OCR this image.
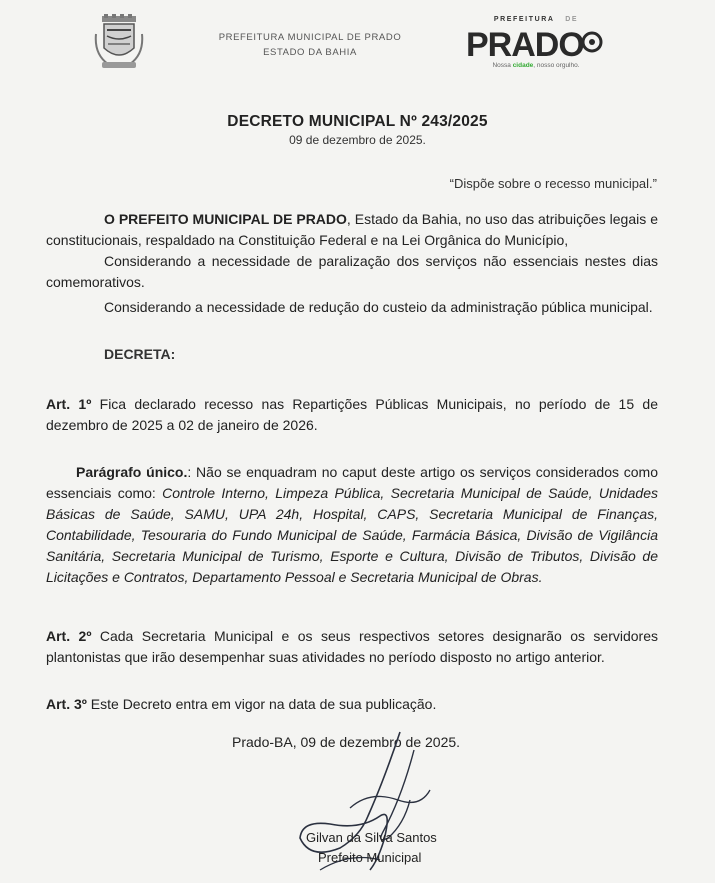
PREFEITURA MUNICIPAL DE PRADO
ESTADO DA BAHIA
PREFEITURA DE
PRADO
Nossa cidade, nosso orgulho.
DECRETO MUNICIPAL Nº 243/2025
09 de dezembro de 2025.
“Dispõe sobre o recesso municipal.”
O PREFEITO MUNICIPAL DE PRADO, Estado da Bahia, no uso das atribuições legais e constitucionais, respaldado na Constituição Federal e na Lei Orgânica do Município,
Considerando a necessidade de paralização dos serviços não essenciais nestes dias comemorativos.
Considerando a necessidade de redução do custeio da administração pública municipal.
DECRETA:
Art. 1º Fica declarado recesso nas Repartições Públicas Municipais, no período de 15 de dezembro de 2025 a 02 de janeiro de 2026.
Parágrafo único.: Não se enquadram no caput deste artigo os serviços considerados como essenciais como: Controle Interno, Limpeza Pública, Secretaria Municipal de Saúde, Unidades Básicas de Saúde, SAMU, UPA 24h, Hospital, CAPS, Secretaria Municipal de Finanças, Contabilidade, Tesouraria do Fundo Municipal de Saúde, Farmácia Básica, Divisão de Vigilância Sanitária, Secretaria Municipal de Turismo, Esporte e Cultura, Divisão de Tributos, Divisão de Licitações e Contratos, Departamento Pessoal e Secretaria Municipal de Obras.
Art. 2º Cada Secretaria Municipal e os seus respectivos setores designarão os servidores plantonistas que irão desempenhar suas atividades no período disposto no artigo anterior.
Art. 3º Este Decreto entra em vigor na data de sua publicação.
Prado-BA, 09 de dezembro de 2025.
Gilvan da Silva Santos
Prefeito Municipal
